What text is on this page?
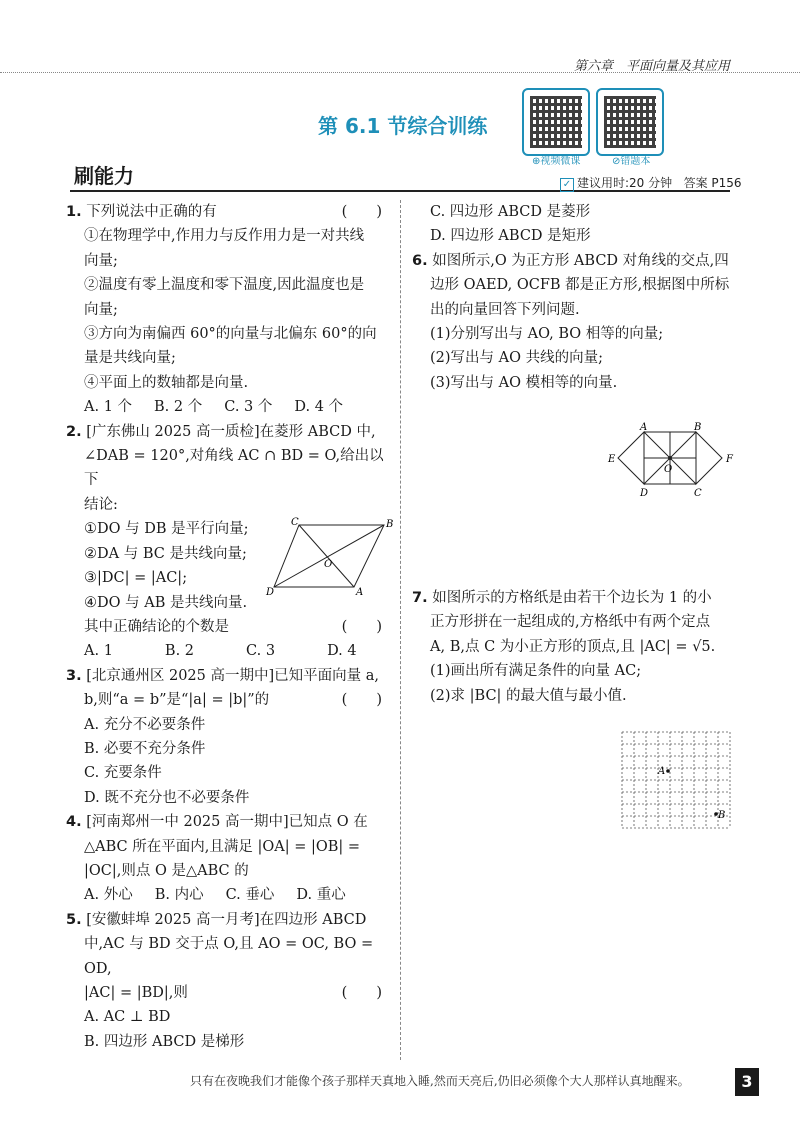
第六章　平面向量及其应用
第 6.1 节综合训练
⊕视频微课	⊘错题本
刷能力	✓ 建议用时:20 分钟 答案 P156

1. 下列说法中正确的有	(　　)

①在物理学中,作用力与反作用力是一对共线

向量;

②温度有零上温度和零下温度,因此温度也是

向量;

③方向为南偏西 60°的向量与北偏东 60°的向

量是共线向量;

④平面上的数轴都是向量.

A. 1 个 B. 2 个 C. 3 个 D. 4 个

2. [广东佛山 2025 高一质检]在菱形 ABCD 中,

∠DAB = 120°,对角线 AC ∩ BD = O,给出以下

结论:

①DO 与 DB 是平行向量;

②DA 与 BC 是共线向量;

③|DC| = |AC|;

④DO 与 AB 是共线向量.

C	B
D	A
O

其中正确结论的个数是	(　　)

A. 1	B. 2	C. 3	D. 4

3. [北京通州区 2025 高一期中]已知平面向量 a,

b,则“a = b”是“|a| = |b|”的	(　　)

A. 充分不必要条件

B. 必要不充分条件

C. 充要条件

D. 既不充分也不必要条件

4. [河南郑州一中 2025 高一期中]已知点 O 在

△ABC 所在平面内,且满足 |OA| = |OB| =

|OC|,则点 O 是△ABC 的

A. 外心 B. 内心 C. 垂心 D. 重心

5. [安徽蚌埠 2025 高一月考]在四边形 ABCD

中,AC 与 BD 交于点 O,且 AO = OC, BO = OD,

|AC| = |BD|,则	(　　)

A. AC ⊥ BD

B. 四边形 ABCD 是梯形

C. 四边形 ABCD 是菱形

D. 四边形 ABCD 是矩形

6. 如图所示,O 为正方形 ABCD 对角线的交点,四

边形 OAED, OCFB 都是正方形,根据图中所标

出的向量回答下列问题.

(1)分别写出与 AO, BO 相等的向量;

(2)写出与 AO 共线的向量;

(3)写出与 AO 模相等的向量.

A	B
C
D
E	F
O

7. 如图所示的方格纸是由若干个边长为 1 的小

正方形拼在一起组成的,方格纸中有两个定点

A, B,点 C 为小正方形的顶点,且 |AC| = √5.

(1)画出所有满足条件的向量 AC;

(2)求 |BC| 的最大值与最小值.

A
B
只有在夜晚我们才能像个孩子那样天真地入睡,然而天亮后,仍旧必须像个大人那样认真地醒来。	3
